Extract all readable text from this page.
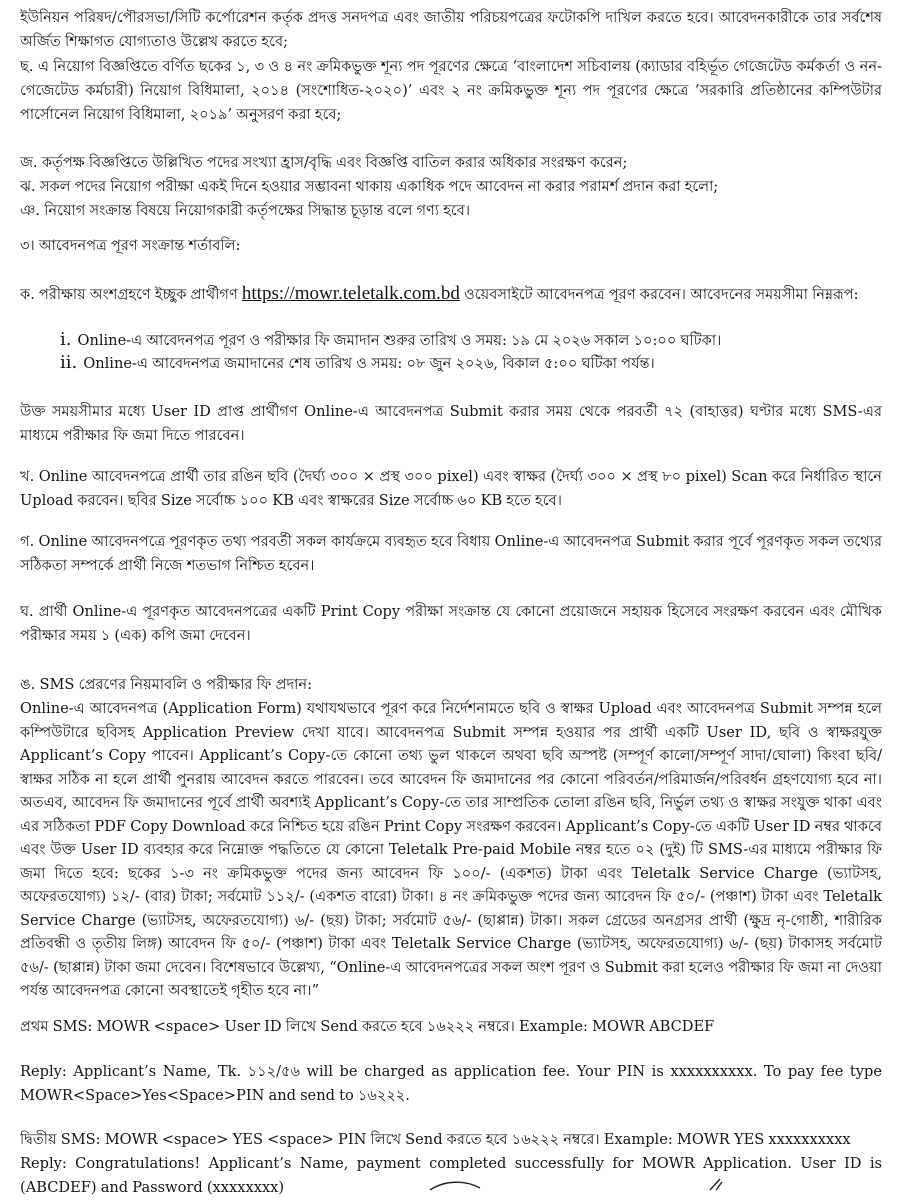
ইউনিয়ন পরিষদ/পৌরসভা/সিটি কর্পোরেশন কর্তৃক প্রদত্ত সনদপত্র এবং জাতীয় পরিচয়পত্রের ফটোকপি দাখিল করতে হবে। আবেদনকারীকে তার সর্বশেষ অর্জিত শিক্ষাগত যোগ্যতাও উল্লেখ করতে হবে;
ছ. এ নিয়োগ বিজ্ঞপ্তিতে বর্ণিত ছকের ১, ৩ ও ৪ নং ক্রমিকভুক্ত শূন্য পদ পূরণের ক্ষেত্রে ‘বাংলাদেশ সচিবালয় (ক্যাডার বহির্ভূত গেজেটেড কর্মকর্তা ও নন-গেজেটেড কর্মচারী) নিয়োগ বিধিমালা, ২০১৪ (সংশোধিত-২০২০)’ এবং ২ নং ক্রমিকভুক্ত শূন্য পদ পূরণের ক্ষেত্রে ‘সরকারি প্রতিষ্ঠানের কম্পিউটার পার্সোনেল নিয়োগ বিধিমালা, ২০১৯’ অনুসরণ করা হবে;
জ. কর্তৃপক্ষ বিজ্ঞপ্তিতে উল্লিখিত পদের সংখ্যা হ্রাস/বৃদ্ধি এবং বিজ্ঞপ্তি বাতিল করার অধিকার সংরক্ষণ করেন;
ঝ. সকল পদের নিয়োগ পরীক্ষা একই দিনে হওয়ার সম্ভাবনা থাকায় একাধিক পদে আবেদন না করার পরামর্শ প্রদান করা হলো;
ঞ. নিয়োগ সংক্রান্ত বিষয়ে নিয়োগকারী কর্তৃপক্ষের সিদ্ধান্ত চূড়ান্ত বলে গণ্য হবে।
৩। আবেদনপত্র পূরণ সংক্রান্ত শর্তাবলি:
ক. পরীক্ষায় অংশগ্রহণে ইচ্ছুক প্রার্থীগণ https://mowr.teletalk.com.bd ওয়েবসাইটে আবেদনপত্র পূরণ করবেন। আবেদনের সময়সীমা নিম্নরূপ:
i. Online-এ আবেদনপত্র পূরণ ও পরীক্ষার ফি জমাদান শুরুর তারিখ ও সময়: ১৯ মে ২০২৬ সকাল ১০:০০ ঘটিকা।
ii. Online-এ আবেদনপত্র জমাদানের শেষ তারিখ ও সময়: ০৮ জুন ২০২৬, বিকাল ৫:০০ ঘটিকা পর্যন্ত।
উক্ত সময়সীমার মধ্যে User ID প্রাপ্ত প্রার্থীগণ Online-এ আবেদনপত্র Submit করার সময় থেকে পরবর্তী ৭২ (বাহাত্তর) ঘণ্টার মধ্যে SMS-এর মাধ্যমে পরীক্ষার ফি জমা দিতে পারবেন।
খ. Online আবেদনপত্রে প্রার্থী তার রঙিন ছবি (দৈর্ঘ্য ৩০০ × প্রস্থ ৩০০ pixel) এবং স্বাক্ষর (দৈর্ঘ্য ৩০০ × প্রস্থ ৮০ pixel) Scan করে নির্ধারিত স্থানে Upload করবেন। ছবির Size সর্বোচ্চ ১০০ KB এবং স্বাক্ষরের Size সর্বোচ্চ ৬০ KB হতে হবে।
গ. Online আবেদনপত্রে পূরণকৃত তথ্য পরবর্তী সকল কার্যক্রমে ব্যবহৃত হবে বিধায় Online-এ আবেদনপত্র Submit করার পূর্বে পূরণকৃত সকল তথ্যের সঠিকতা সম্পর্কে প্রার্থী নিজে শতভাগ নিশ্চিত হবেন।
ঘ. প্রার্থী Online-এ পূরণকৃত আবেদনপত্রের একটি Print Copy পরীক্ষা সংক্রান্ত যে কোনো প্রয়োজনে সহায়ক হিসেবে সংরক্ষণ করবেন এবং মৌখিক পরীক্ষার সময় ১ (এক) কপি জমা দেবেন।
ঙ. SMS প্রেরণের নিয়মাবলি ও পরীক্ষার ফি প্রদান:
Online-এ আবেদনপত্র (Application Form) যথাযথভাবে পূরণ করে নির্দেশনামতে ছবি ও স্বাক্ষর Upload এবং আবেদনপত্র Submit সম্পন্ন হলে কম্পিউটারে ছবিসহ Application Preview দেখা যাবে। আবেদনপত্র Submit সম্পন্ন হওয়ার পর প্রার্থী একটি User ID, ছবি ও স্বাক্ষরযুক্ত Applicant’s Copy পাবেন। Applicant’s Copy-তে কোনো তথ্য ভুল থাকলে অথবা ছবি অস্পষ্ট (সম্পূর্ণ কালো/সম্পূর্ণ সাদা/ঘোলা) কিংবা ছবি/স্বাক্ষর সঠিক না হলে প্রার্থী পুনরায় আবেদন করতে পারবেন। তবে আবেদন ফি জমাদানের পর কোনো পরিবর্তন/পরিমার্জন/পরিবর্ধন গ্রহণযোগ্য হবে না। অতএব, আবেদন ফি জমাদানের পূর্বে প্রার্থী অবশ্যই Applicant’s Copy-তে তার সাম্প্রতিক তোলা রঙিন ছবি, নির্ভুল তথ্য ও স্বাক্ষর সংযুক্ত থাকা এবং এর সঠিকতা PDF Copy Download করে নিশ্চিত হয়ে রঙিন Print Copy সংরক্ষণ করবেন। Applicant’s Copy-তে একটি User ID নম্বর থাকবে এবং উক্ত User ID ব্যবহার করে নিম্নোক্ত পদ্ধতিতে যে কোনো Teletalk Pre-paid Mobile নম্বর হতে ০২ (দুই) টি SMS-এর মাধ্যমে পরীক্ষার ফি জমা দিতে হবে: ছকের ১-৩ নং ক্রমিকভুক্ত পদের জন্য আবেদন ফি ১০০/- (একশত) টাকা এবং Teletalk Service Charge (ভ্যাটসহ, অফেরতযোগ্য) ১২/- (বার) টাকা; সর্বমোট ১১২/- (একশত বারো) টাকা। ৪ নং ক্রমিকভুক্ত পদের জন্য আবেদন ফি ৫০/- (পঞ্চাশ) টাকা এবং Teletalk Service Charge (ভ্যাটসহ, অফেরতযোগ্য) ৬/- (ছয়) টাকা; সর্বমোট ৫৬/- (ছাপ্পান্ন) টাকা। সকল গ্রেডের অনগ্রসর প্রার্থী (ক্ষুদ্র নৃ-গোষ্ঠী, শারীরিক প্রতিবন্ধী ও তৃতীয় লিঙ্গ) আবেদন ফি ৫০/- (পঞ্চাশ) টাকা এবং Teletalk Service Charge (ভ্যাটসহ, অফেরতযোগ্য) ৬/- (ছয়) টাকাসহ সর্বমোট ৫৬/- (ছাপ্পান্ন) টাকা জমা দেবেন। বিশেষভাবে উল্লেখ্য, “Online-এ আবেদনপত্রের সকল অংশ পূরণ ও Submit করা হলেও পরীক্ষার ফি জমা না দেওয়া পর্যন্ত আবেদনপত্র কোনো অবস্থাতেই গৃহীত হবে না।”
প্রথম SMS: MOWR <space> User ID লিখে Send করতে হবে ১৬২২২ নম্বরে। Example: MOWR ABCDEF
Reply: Applicant’s Name, Tk. ১১২/৫৬ will be charged as application fee. Your PIN is xxxxxxxxxx. To pay fee type MOWR<Space>Yes<Space>PIN and send to ১৬২২২.
দ্বিতীয় SMS: MOWR <space> YES <space> PIN লিখে Send করতে হবে ১৬২২২ নম্বরে। Example: MOWR YES xxxxxxxxxx
Reply: Congratulations! Applicant’s Name, payment completed successfully for MOWR Application. User ID is (ABCDEF) and Password (xxxxxxxx)
